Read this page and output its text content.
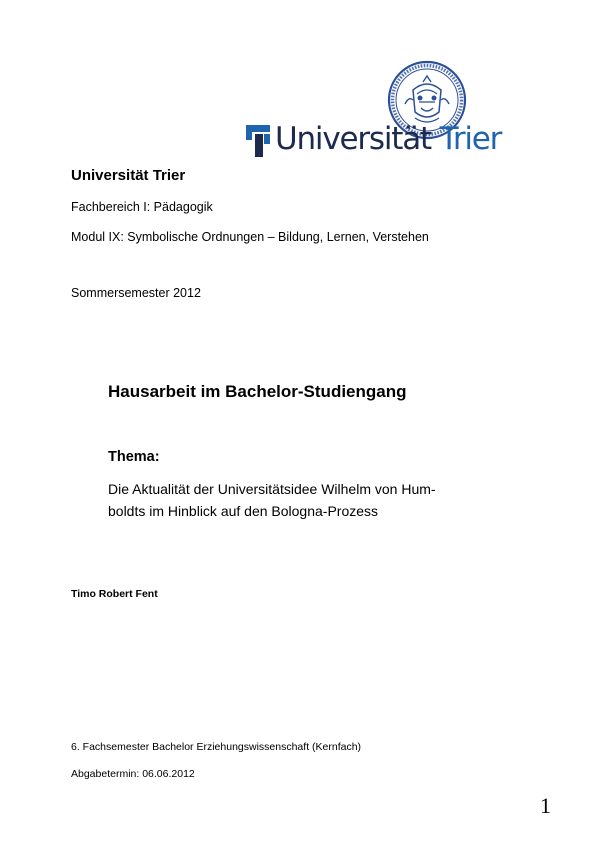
Universität Trier
Universität Trier
Fachbereich I: Pädagogik
Modul IX: Symbolische Ordnungen – Bildung, Lernen, Verstehen
Sommersemester 2012
Hausarbeit im Bachelor-Studiengang
Thema:
Die Aktualität der Universitätsidee Wilhelm von Hum-
boldts im Hinblick auf den Bologna-Prozess
Timo Robert Fent
6. Fachsemester Bachelor Erziehungswissenschaft (Kernfach)
Abgabetermin: 06.06.2012
1
